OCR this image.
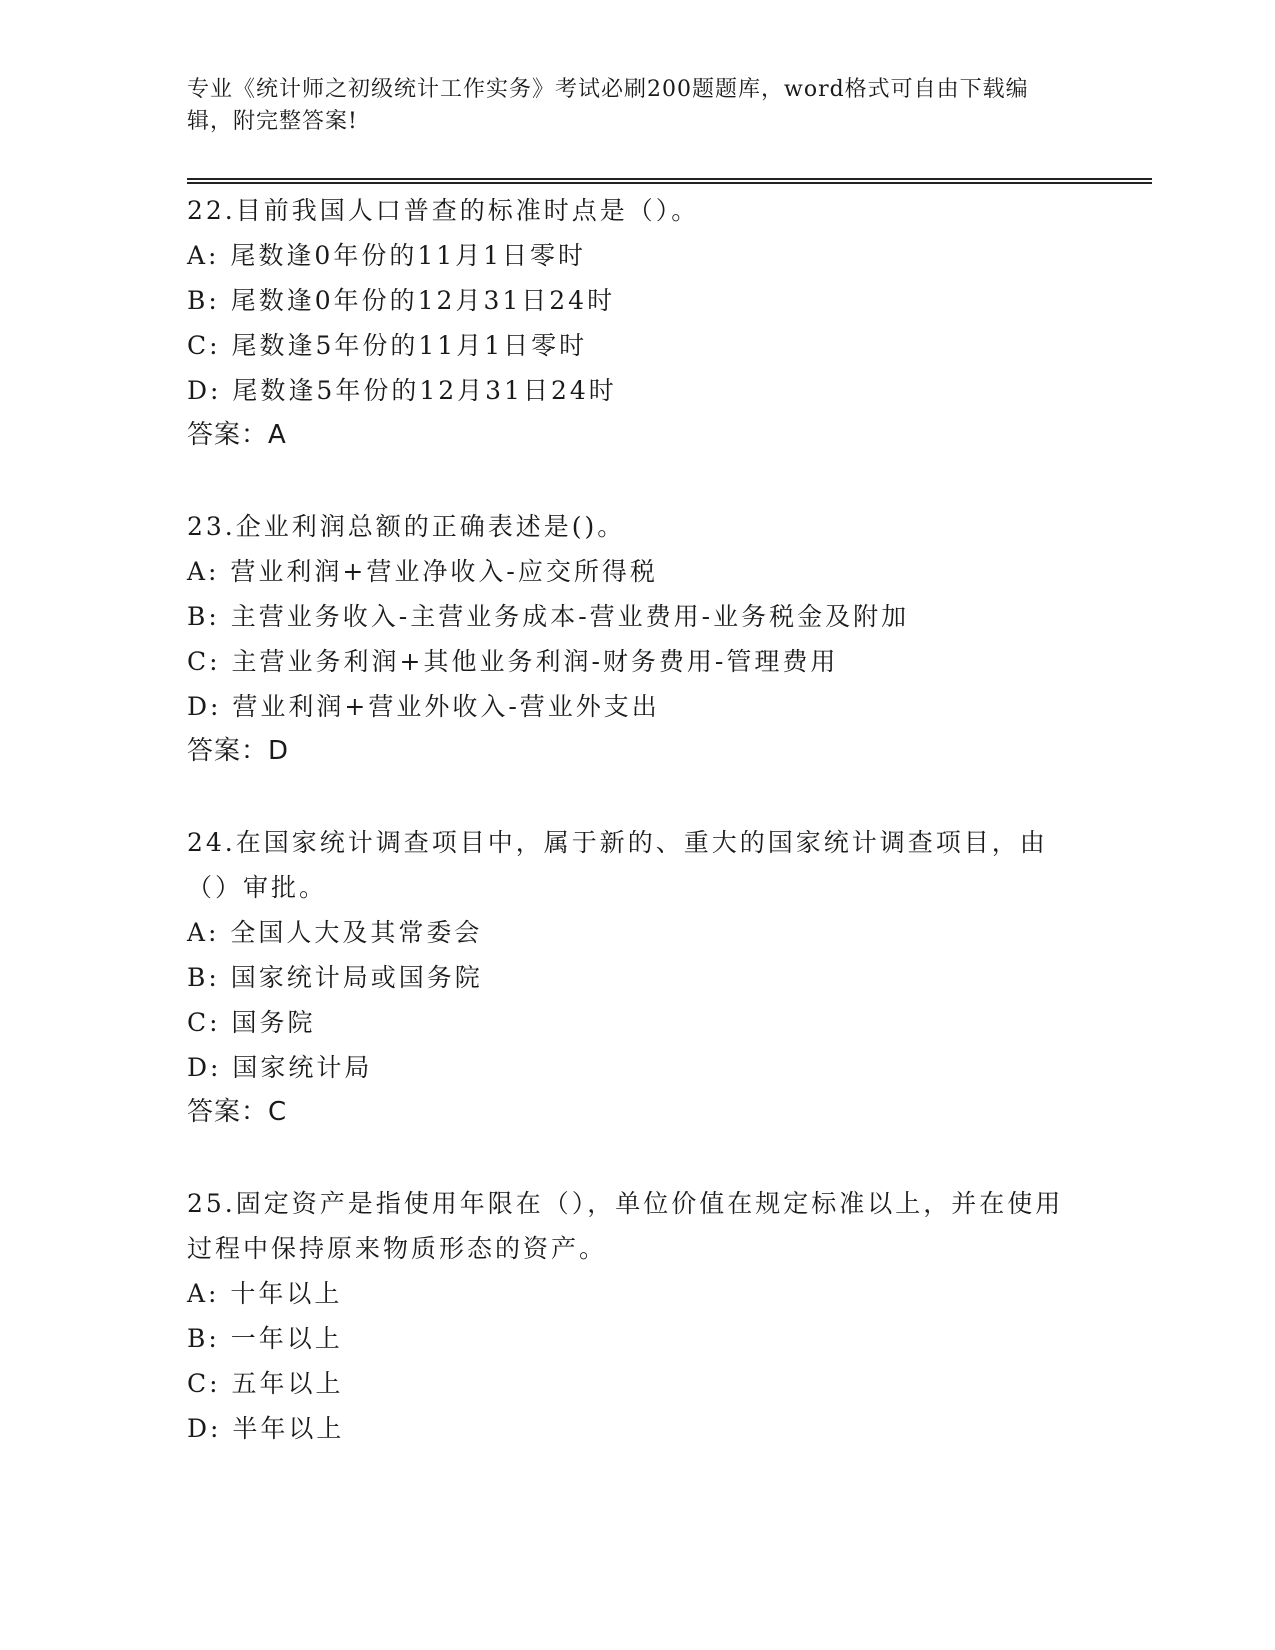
专业《统计师之初级统计工作实务》考试必刷200题题库，word格式可自由下载编辑，附完整答案!
22.目前我国人口普查的标准时点是（）。
A: 尾数逢0年份的11月1日零时
B: 尾数逢0年份的12月31日24时
C: 尾数逢5年份的11月1日零时
D: 尾数逢5年份的12月31日24时
答案：A
23.企业利润总额的正确表述是()。
A: 营业利润+营业净收入-应交所得税
B: 主营业务收入-主营业务成本-营业费用-业务税金及附加
C: 主营业务利润+其他业务利润-财务费用-管理费用
D: 营业利润+营业外收入-营业外支出
答案：D
24.在国家统计调查项目中，属于新的、重大的国家统计调查项目，由（）审批。
A: 全国人大及其常委会
B: 国家统计局或国务院
C: 国务院
D: 国家统计局
答案：C
25.固定资产是指使用年限在（），单位价值在规定标准以上，并在使用过程中保持原来物质形态的资产。
A: 十年以上
B: 一年以上
C: 五年以上
D: 半年以上
